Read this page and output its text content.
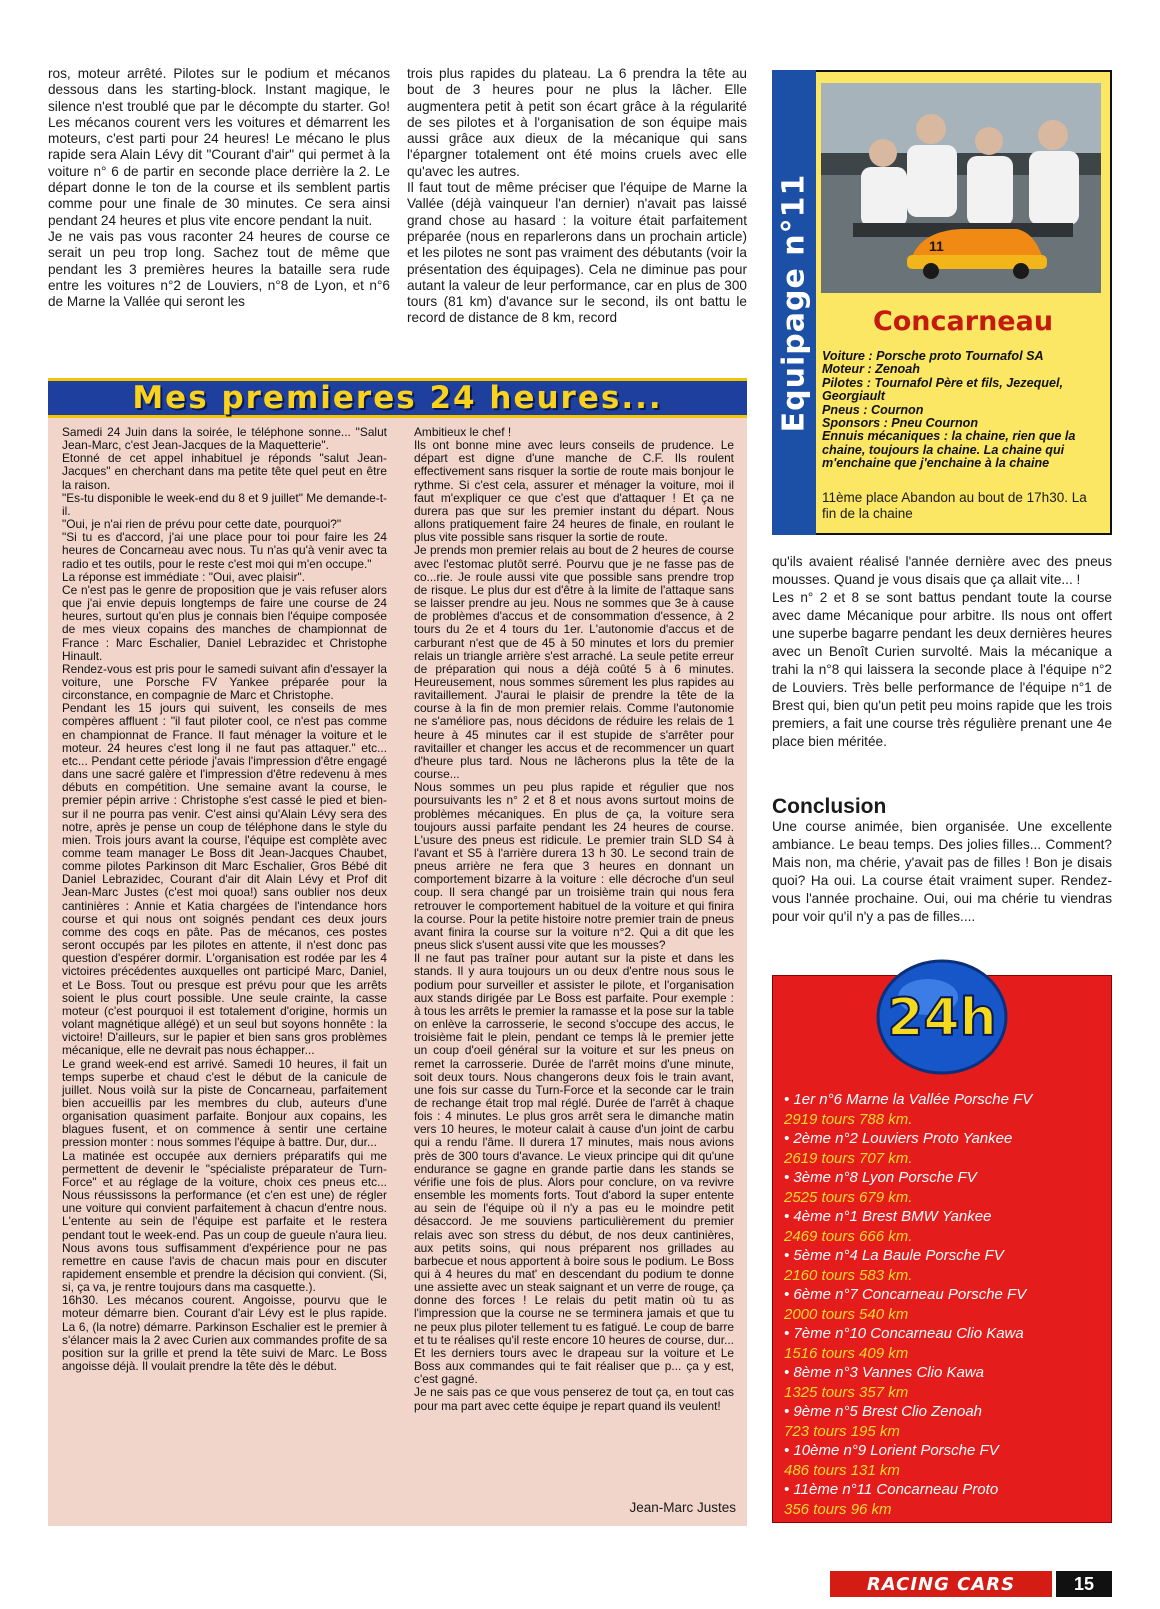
ros, moteur arrêté. Pilotes sur le podium et mécanos dessous dans les starting-block. Instant magique, le silence n'est troublé que par le décompte du starter. Go! Les mécanos courent vers les voitures et démarrent les moteurs, c'est parti pour 24 heures! Le mécano le plus rapide sera Alain Lévy dit "Courant d'air" qui permet à la voiture n° 6 de partir en seconde place derrière la 2. Le départ donne le ton de la course et ils semblent partis comme pour une finale de 30 minutes. Ce sera ainsi pendant 24 heures et plus vite encore pendant la nuit.

Je ne vais pas vous raconter 24 heures de course ce serait un peu trop long. Sachez tout de même que pendant les 3 premières heures la bataille sera rude entre les voitures n°2 de Louviers, n°8 de Lyon, et n°6 de Marne la Vallée qui seront les

trois plus rapides du plateau. La 6 prendra la tête au bout de 3 heures pour ne plus la lâcher. Elle augmentera petit à petit son écart grâce à la régularité de ses pilotes et à l'organisation de son équipe mais aussi grâce aux dieux de la mécanique qui sans l'épargner totalement ont été moins cruels avec elle qu'avec les autres.

Il faut tout de même préciser que l'équipe de Marne la Vallée (déjà vainqueur l'an dernier) n'avait pas laissé grand chose au hasard : la voiture était parfaitement préparée (nous en reparlerons dans un prochain article) et les pilotes ne sont pas vraiment des débutants (voir la présentation des équipages). Cela ne diminue pas pour autant la valeur de leur performance, car en plus de 300 tours (81 km) d'avance sur le second, ils ont battu le record de distance de 8 km, record

Mes premieres 24 heures...

Samedi 24 Juin dans la soirée, le téléphone sonne... "Salut Jean-Marc, c'est Jean-Jacques de la Maquetterie".

Etonné de cet appel inhabituel je réponds "salut Jean-Jacques" en cherchant dans ma petite tête quel peut en être la raison.

"Es-tu disponible le week-end du 8 et 9 juillet" Me demande-t-il.

"Oui, je n'ai rien de prévu pour cette date, pourquoi?"

"Si tu es d'accord, j'ai une place pour toi pour faire les 24 heures de Concarneau avec nous. Tu n'as qu'à venir avec ta radio et tes outils, pour le reste c'est moi qui m'en occupe."

La réponse est immédiate : "Oui, avec plaisir".

Ce n'est pas le genre de proposition que je vais refuser alors que j'ai envie depuis longtemps de faire une course de 24 heures, surtout qu'en plus je connais bien l'équipe composée de mes vieux copains des manches de championnat de France : Marc Eschalier, Daniel Lebrazidec et Christophe Hinault.

Rendez-vous est pris pour le samedi suivant afin d'essayer la voiture, une Porsche FV Yankee préparée pour la circonstance, en compagnie de Marc et Christophe.

Pendant les 15 jours qui suivent, les conseils de mes compères affluent : "il faut piloter cool, ce n'est pas comme en championnat de France. Il faut ménager la voiture et le moteur. 24 heures c'est long il ne faut pas attaquer." etc... etc... Pendant cette période j'avais l'impression d'être engagé dans une sacré galère et l'impression d'être redevenu à mes débuts en compétition. Une semaine avant la course, le premier pépin arrive : Christophe s'est cassé le pied et bien-sur il ne pourra pas venir. C'est ainsi qu'Alain Lévy sera des notre, après je pense un coup de téléphone dans le style du mien. Trois jours avant la course, l'équipe est complète avec comme team manager Le Boss dit Jean-Jacques Chaubet, comme pilotes Parkinson dit Marc Eschalier, Gros Bébé dit Daniel Lebrazidec, Courant d'air dit Alain Lévy et Prof dit Jean-Marc Justes (c'est moi quoa!) sans oublier nos deux cantinières : Annie et Katia chargées de l'intendance hors course et qui nous ont soignés pendant ces deux jours comme des coqs en pâte. Pas de mécanos, ces postes seront occupés par les pilotes en attente, il n'est donc pas question d'espérer dormir. L'organisation est rodée par les 4 victoires précédentes auxquelles ont participé Marc, Daniel, et Le Boss. Tout ou presque est prévu pour que les arrêts soient le plus court possible. Une seule crainte, la casse moteur (c'est pourquoi il est totalement d'origine, hormis un volant magnétique allégé) et un seul but soyons honnête : la victoire! D'ailleurs, sur le papier et bien sans gros problèmes mécanique, elle ne devrait pas nous échapper...

Le grand week-end est arrivé. Samedi 10 heures, il fait un temps superbe et chaud c'est le début de la canicule de juillet. Nous voilà sur la piste de Concarneau, parfaitement bien accueillis par les membres du club, auteurs d'une organisation quasiment parfaite. Bonjour aux copains, les blagues fusent, et on commence à sentir une certaine pression monter : nous sommes l'équipe à battre. Dur, dur...

La matinée est occupée aux derniers préparatifs qui me permettent de devenir le "spécialiste préparateur de Turn-Force" et au réglage de la voiture, choix ces pneus etc... Nous réussissons la performance (et c'en est une) de régler une voiture qui convient parfaitement à chacun d'entre nous. L'entente au sein de l'équipe est parfaite et le restera pendant tout le week-end. Pas un coup de gueule n'aura lieu. Nous avons tous suffisamment d'expérience pour ne pas remettre en cause l'avis de chacun mais pour en discuter rapidement ensemble et prendre la décision qui convient. (Si, si, ça va, je rentre toujours dans ma casquette.).

16h30. Les mécanos courent. Angoisse, pourvu que le moteur démarre bien. Courant d'air Lévy est le plus rapide. La 6, (la notre) démarre. Parkinson Eschalier est le premier à s'élancer mais la 2 avec Curien aux commandes profite de sa position sur la grille et prend la tête suivi de Marc. Le Boss angoisse déjà. Il voulait prendre la tête dès le début.

Ambitieux le chef !

Ils ont bonne mine avec leurs conseils de prudence. Le départ est digne d'une manche de C.F. Ils roulent effectivement sans risquer la sortie de route mais bonjour le rythme. Si c'est cela, assurer et ménager la voiture, moi il faut m'expliquer ce que c'est que d'attaquer ! Et ça ne durera pas que sur les premier instant du départ. Nous allons pratiquement faire 24 heures de finale, en roulant le plus vite possible sans risquer la sortie de route.

Je prends mon premier relais au bout de 2 heures de course avec l'estomac plutôt serré. Pourvu que je ne fasse pas de co...rie. Je roule aussi vite que possible sans prendre trop de risque. Le plus dur est d'être à la limite de l'attaque sans se laisser prendre au jeu. Nous ne sommes que 3e à cause de problèmes d'accus et de consommation d'essence, à 2 tours du 2e et 4 tours du 1er. L'autonomie d'accus et de carburant n'est que de 45 à 50 minutes et lors du premier relais un triangle arrière s'est arraché. La seule petite erreur de préparation qui nous a déjà coûté 5 à 6 minutes. Heureusement, nous sommes sûrement les plus rapides au ravitaillement. J'aurai le plaisir de prendre la tête de la course à la fin de mon premier relais. Comme l'autonomie ne s'améliore pas, nous décidons de réduire les relais de 1 heure à 45 minutes car il est stupide de s'arrêter pour ravitailler et changer les accus et de recommencer un quart d'heure plus tard. Nous ne lâcherons plus la tête de la course...

Nous sommes un peu plus rapide et régulier que nos poursuivants les n° 2 et 8 et nous avons surtout moins de problèmes mécaniques. En plus de ça, la voiture sera toujours aussi parfaite pendant les 24 heures de course. L'usure des pneus est ridicule. Le premier train SLD S4 à l'avant et S5 à l'arrière durera 13 h 30. Le second train de pneus arrière ne fera que 3 heures en donnant un comportement bizarre à la voiture : elle décroche d'un seul coup. Il sera changé par un troisième train qui nous fera retrouver le comportement habituel de la voiture et qui finira la course. Pour la petite histoire notre premier train de pneus avant finira la course sur la voiture n°2. Qui a dit que les pneus slick s'usent aussi vite que les mousses?

Il ne faut pas traîner pour autant sur la piste et dans les stands. Il y aura toujours un ou deux d'entre nous sous le podium pour surveiller et assister le pilote, et l'organisation aux stands dirigée par Le Boss est parfaite. Pour exemple : à tous les arrêts le premier la ramasse et la pose sur la table on enlève la carrosserie, le second s'occupe des accus, le troisième fait le plein, pendant ce temps là le premier jette un coup d'oeil général sur la voiture et sur les pneus on remet la carrosserie. Durée de l'arrêt moins d'une minute, soit deux tours. Nous changerons deux fois le train avant, une fois sur casse du Turn-Force et la seconde car le train de rechange était trop mal réglé. Durée de l'arrêt à chaque fois : 4 minutes. Le plus gros arrêt sera le dimanche matin vers 10 heures, le moteur calait à cause d'un joint de carbu qui a rendu l'âme. Il durera 17 minutes, mais nous avions près de 300 tours d'avance. Le vieux principe qui dit qu'une endurance se gagne en grande partie dans les stands se vérifie une fois de plus. Alors pour conclure, on va revivre ensemble les moments forts. Tout d'abord la super entente au sein de l'équipe où il n'y a pas eu le moindre petit désaccord. Je me souviens particulièrement du premier relais avec son stress du début, de nos deux cantinières, aux petits soins, qui nous préparent nos grillades au barbecue et nous apportent à boire sous le podium. Le Boss qui à 4 heures du mat' en descendant du podium te donne une assiette avec un steak saignant et un verre de rouge, ça donne des forces ! Le relais du petit matin où tu as l'impression que la course ne se terminera jamais et que tu ne peux plus piloter tellement tu es fatigué. Le coup de barre et tu te réalises qu'il reste encore 10 heures de course, dur... Et les derniers tours avec le drapeau sur la voiture et Le Boss aux commandes qui te fait réaliser que p... ça y est, c'est gagné.

Je ne sais pas ce que vous penserez de tout ça, en tout cas pour ma part avec cette équipe je repart quand ils veulent!

Jean-Marc Justes
Equipage n°11	11
Concarneau

Voiture : Porsche proto Tournafol SA

Moteur : Zenoah

Pilotes : Tournafol Père et fils, Jezequel, Georgiault

Pneus : Cournon

Sponsors : Pneu Cournon

Ennuis mécaniques : la chaine, rien que la chaine, toujours la chaine. La chaine qui m'enchaine que j'enchaine à la chaine

11ème place Abandon au bout de 17h30. La fin de la chaine

qu'ils avaient réalisé l'année dernière avec des pneus mousses. Quand je vous disais que ça allait vite... !

Les n° 2 et 8 se sont battus pendant toute la course avec dame Mécanique pour arbitre. Ils nous ont offert une superbe bagarre pendant les deux dernières heures avec un Benoît Curien survolté. Mais la mécanique a trahi la n°8 qui laissera la seconde place à l'équipe n°2 de Louviers. Très belle performance de l'équipe n°1 de Brest qui, bien qu'un petit peu moins rapide que les trois premiers, a fait une course très régulière prenant une 4e place bien méritée.

Conclusion
Une course animée, bien organisée. Une excellente ambiance. Le beau temps. Des jolies filles... Comment? Mais non, ma chérie, y'avait pas de filles ! Bon je disais quoi? Ha oui. La course était vraiment super. Rendez-vous l'année prochaine. Oui, oui ma chérie tu viendras pour voir qu'il n'y a pas de filles....
24h
• 1er n°6 Marne la Vallée Porsche FV
2919 tours 788 km.
• 2ème n°2 Louviers Proto Yankee
2619 tours 707 km.
• 3ème n°8 Lyon Porsche FV
2525 tours 679 km.
• 4ème n°1 Brest BMW Yankee
2469 tours 666 km.
• 5ème n°4 La Baule Porsche FV
2160 tours 583 km.
• 6ème n°7 Concarneau Porsche FV
2000 tours 540 km
• 7ème n°10 Concarneau Clio Kawa
1516 tours 409 km
• 8ème n°3 Vannes Clio Kawa
1325 tours 357 km
• 9ème n°5 Brest Clio Zenoah
723 tours 195 km
• 10ème n°9 Lorient Porsche FV
486 tours 131 km
• 11ème n°11 Concarneau Proto
356 tours 96 km
RACING CARS	15
